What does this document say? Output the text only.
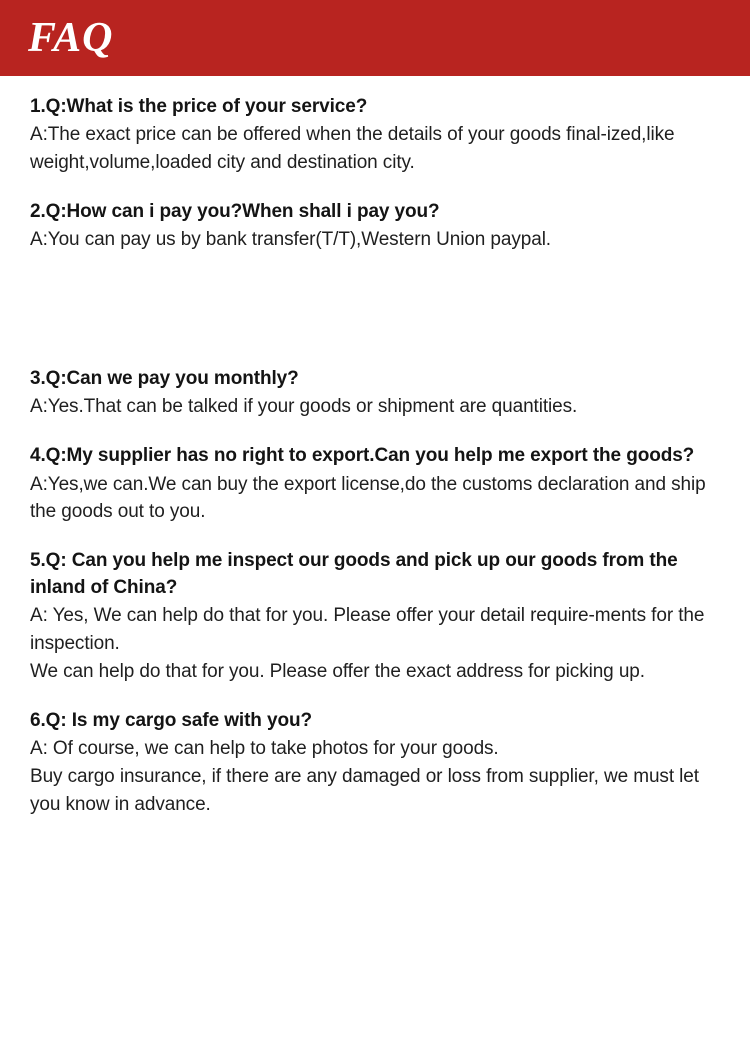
FAQ

1.Q:What is the price of your service?

A:The exact price can be offered when the details of your goods final-ized,like weight,volume,loaded city and destination city.

2.Q:How can i pay you?When shall i pay you?

A:You can pay us by bank transfer(T/T),Western Union paypal.

3.Q:Can we pay you monthly?

A:Yes.That can be talked if your goods or shipment are quantities.

4.Q:My supplier has no right to export.Can you help me export the goods?

A:Yes,we can.We can buy the export license,do the customs declaration and ship the goods out to you.

5.Q: Can you help me inspect our goods and pick up our goods from the inland of China?

A: Yes, We can help do that for you. Please offer your detail require-ments for the inspection.

We can help do that for you. Please offer the exact address for picking up.

6.Q: Is my cargo safe with you?

A: Of course, we can help to take photos for your goods.

Buy cargo insurance, if there are any damaged or loss from supplier, we must let you know in advance.
